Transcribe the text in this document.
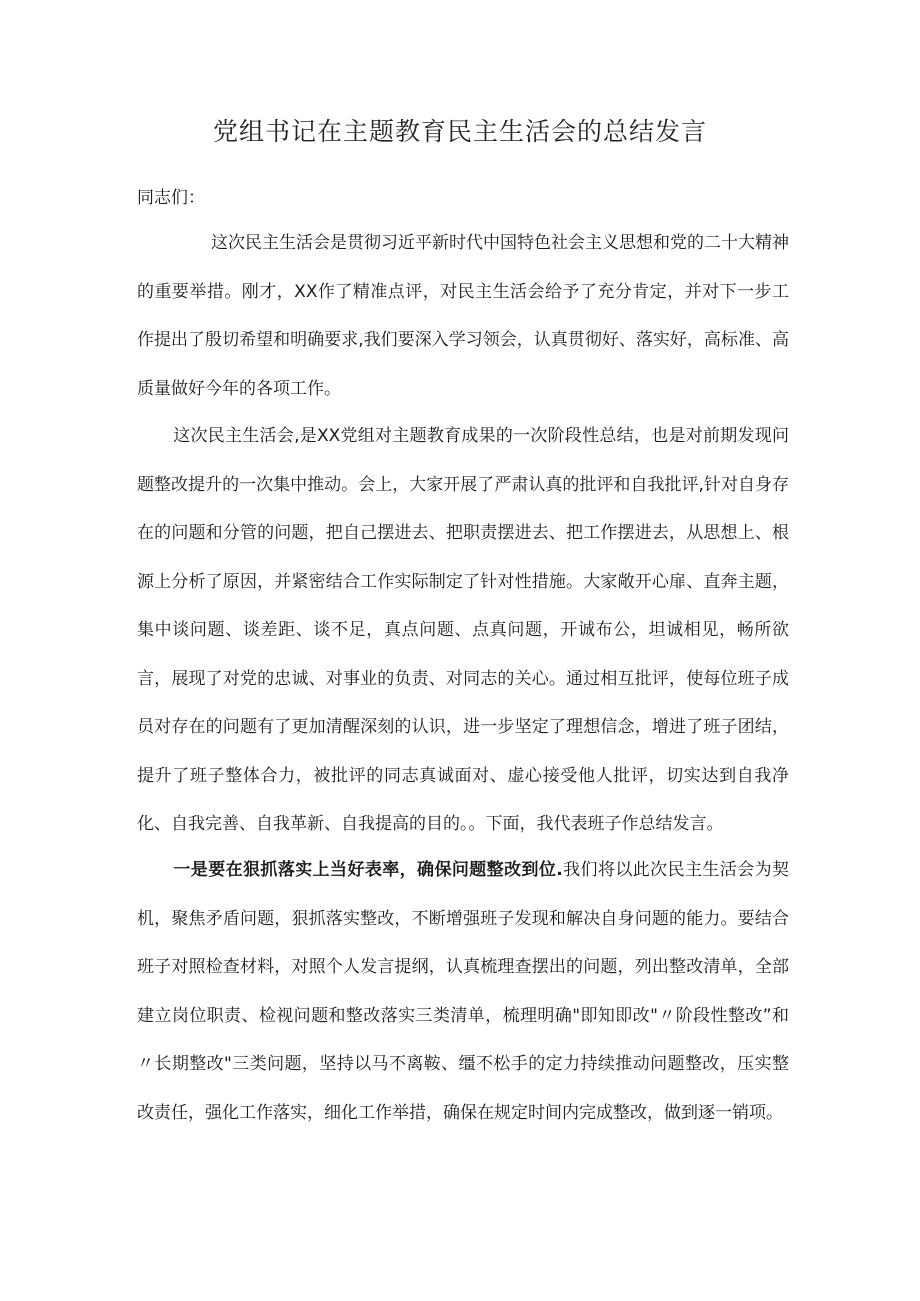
党组书记在主题教育民主生活会的总结发言

同志们：

这次民主生活会是贯彻习近平新时代中国特色社会主义思想和党的二十大精神的重要举措。刚才，XX作了精准点评，对民主生活会给予了充分肯定，并对下一步工作提出了殷切希望和明确要求,我们要深入学习领会，认真贯彻好、落实好，高标准、高质量做好今年的各项工作。

这次民主生活会,是XX党组对主题教育成果的一次阶段性总结，也是对前期发现问题整改提升的一次集中推动。会上，大家开展了严肃认真的批评和自我批评,针对自身存在的问题和分管的问题，把自己摆进去、把职责摆进去、把工作摆进去，从思想上、根源上分析了原因，并紧密结合工作实际制定了针对性措施。大家敞开心扉、直奔主题，集中谈问题、谈差距、谈不足，真点问题、点真问题，开诚布公，坦诚相见，畅所欲言，展现了对党的忠诚、对事业的负责、对同志的关心。通过相互批评，使每位班子成员对存在的问题有了更加清醒深刻的认识，进一步坚定了理想信念，增进了班子团结，提升了班子整体合力，被批评的同志真诚面对、虚心接受他人批评，切实达到自我净化、自我完善、自我革新、自我提高的目的。。下面，我代表班子作总结发言。

一是要在狠抓落实上当好表率，确保问题整改到位.我们将以此次民主生活会为契机，聚焦矛盾问题，狠抓落实整改，不断增强班子发现和解决自身问题的能力。要结合班子对照检查材料，对照个人发言提纲，认真梳理查摆出的问题，列出整改清单，全部建立岗位职责、检视问题和整改落实三类清单，梳理明确"即知即改"〃阶段性整改”和〃长期整改"三类问题，坚持以马不离鞍、缰不松手的定力持续推动问题整改，压实整改责任，强化工作落实，细化工作举措，确保在规定时间内完成整改，做到逐一销项。
